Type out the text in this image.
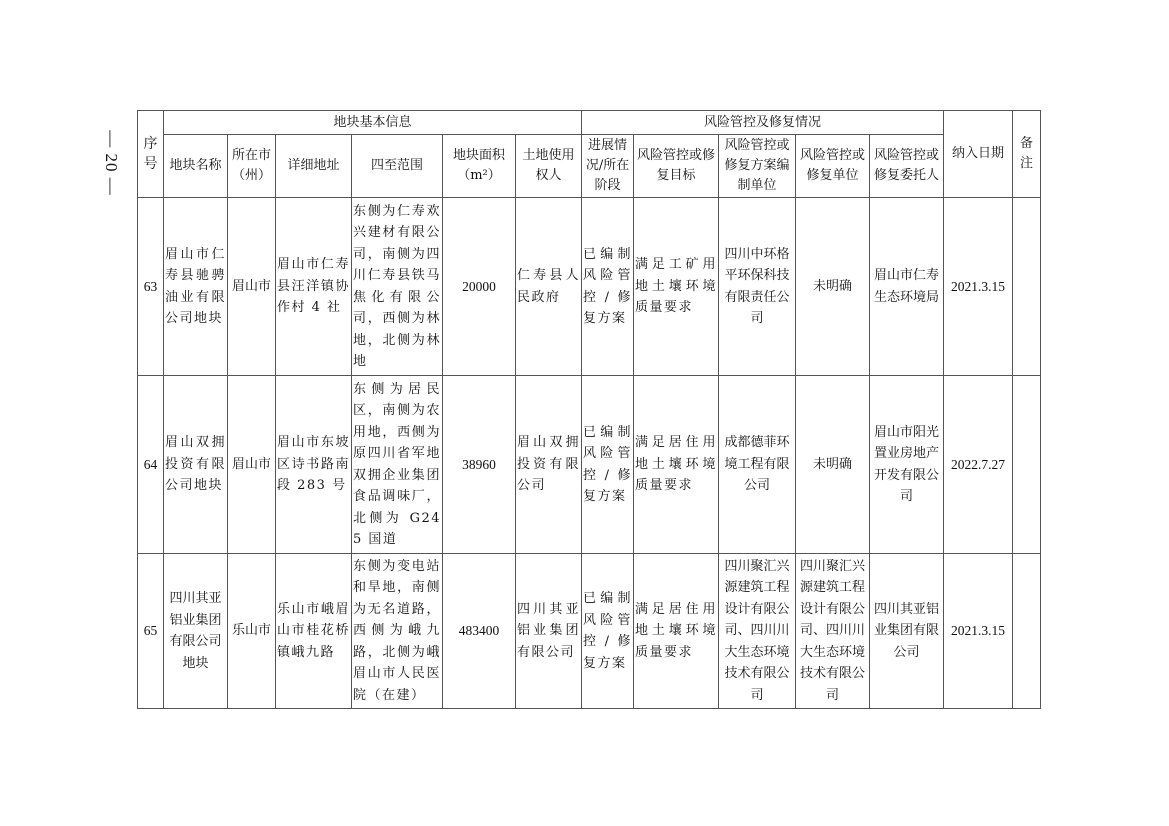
— 20 — 序号	地块基本信息						风险管控及修复情况					纳入日期	备注
	地块名称	所在市（州）	详细地址	四至范围	地块面积（m²）	土地使用权人	进展情况/所在阶段	风险管控或修复目标	风险管控或修复方案编制单位	风险管控或修复单位	风险管控或修复委托人		
63	眉山市仁寿县驰骋油业有限公司地块	眉山市	眉山市仁寿县汪洋镇协作村 4 社	东侧为仁寿欢兴建材有限公司，南侧为四川仁寿县铁马焦化有限公司，西侧为林地，北侧为林地	20000	仁寿县人民政府	已编制风险管控/修复方案	满足工矿用地土壤环境质量要求	四川中环格平环保科技有限责任公司	未明确	眉山市仁寿生态环境局	2021.3.15	
64	眉山双拥投资有限公司地块	眉山市	眉山市东坡区诗书路南段 283 号	东侧为居民区，南侧为农用地，西侧为原四川省军地双拥企业集团食品调味厂，北侧为 G245 国道	38960	眉山双拥投资有限公司	已编制风险管控/修复方案	满足居住用地土壤环境质量要求	成都德菲环境工程有限公司	未明确	眉山市阳光置业房地产开发有限公司	2022.7.27	
65	四川其亚铝业集团有限公司地块	乐山市	乐山市峨眉山市桂花桥镇峨九路	东侧为变电站和旱地，南侧为无名道路，西侧为峨九路，北侧为峨眉山市人民医院（在建）	483400	四川其亚铝业集团有限公司	已编制风险管控/修复方案	满足居住用地土壤环境质量要求	四川聚汇兴源建筑工程设计有限公司、四川川大生态环境技术有限公司	四川聚汇兴源建筑工程设计有限公司、四川川大生态环境技术有限公司	四川其亚铝业集团有限公司	2021.3.15	
